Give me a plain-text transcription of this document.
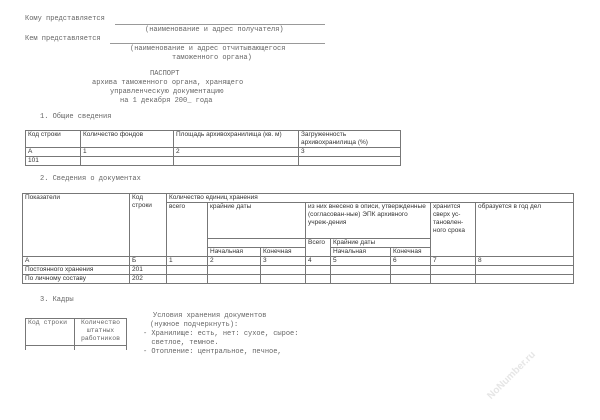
NoNumber.ru
Кому представляется
(наименование и адрес получателя)
Кем представляется
(наименование и адрес отчитывающегося
таможенного органа)
ПАСПОРТ
архива таможенного органа, хранящего
управленческую документацию
на 1 декабря 200_ года
1. Общие сведения
Код строки	Количество фондов	Площадь архивохранилища (кв. м)	Загруженность архивохранилища (%)
А	1	2	3
101			
2. Сведения о документах
Показатели	Код строки	Количество единиц хранения							
		всего	крайние даты		из них внесено в описи, утвержденные (согласован-ные) ЭПК архивного учреж-дения			хранится сверх ус-тановлен-ного срока	образуется в год дел
					Всего	Крайние даты			
			Начальная	Конечная		Начальная	Конечная		
А	Б	1	2	3	4	5	6	7	8
Постоянного хранения	201								
По личному составу	202								
3. Кадры
Код строки	Количество штатных работников

Условия хранения документов
(нужное подчеркнуть):
- Хранилище: есть, нет: сухое, сырое:
светлое, темное.
- Отопление: центральное, печное,
